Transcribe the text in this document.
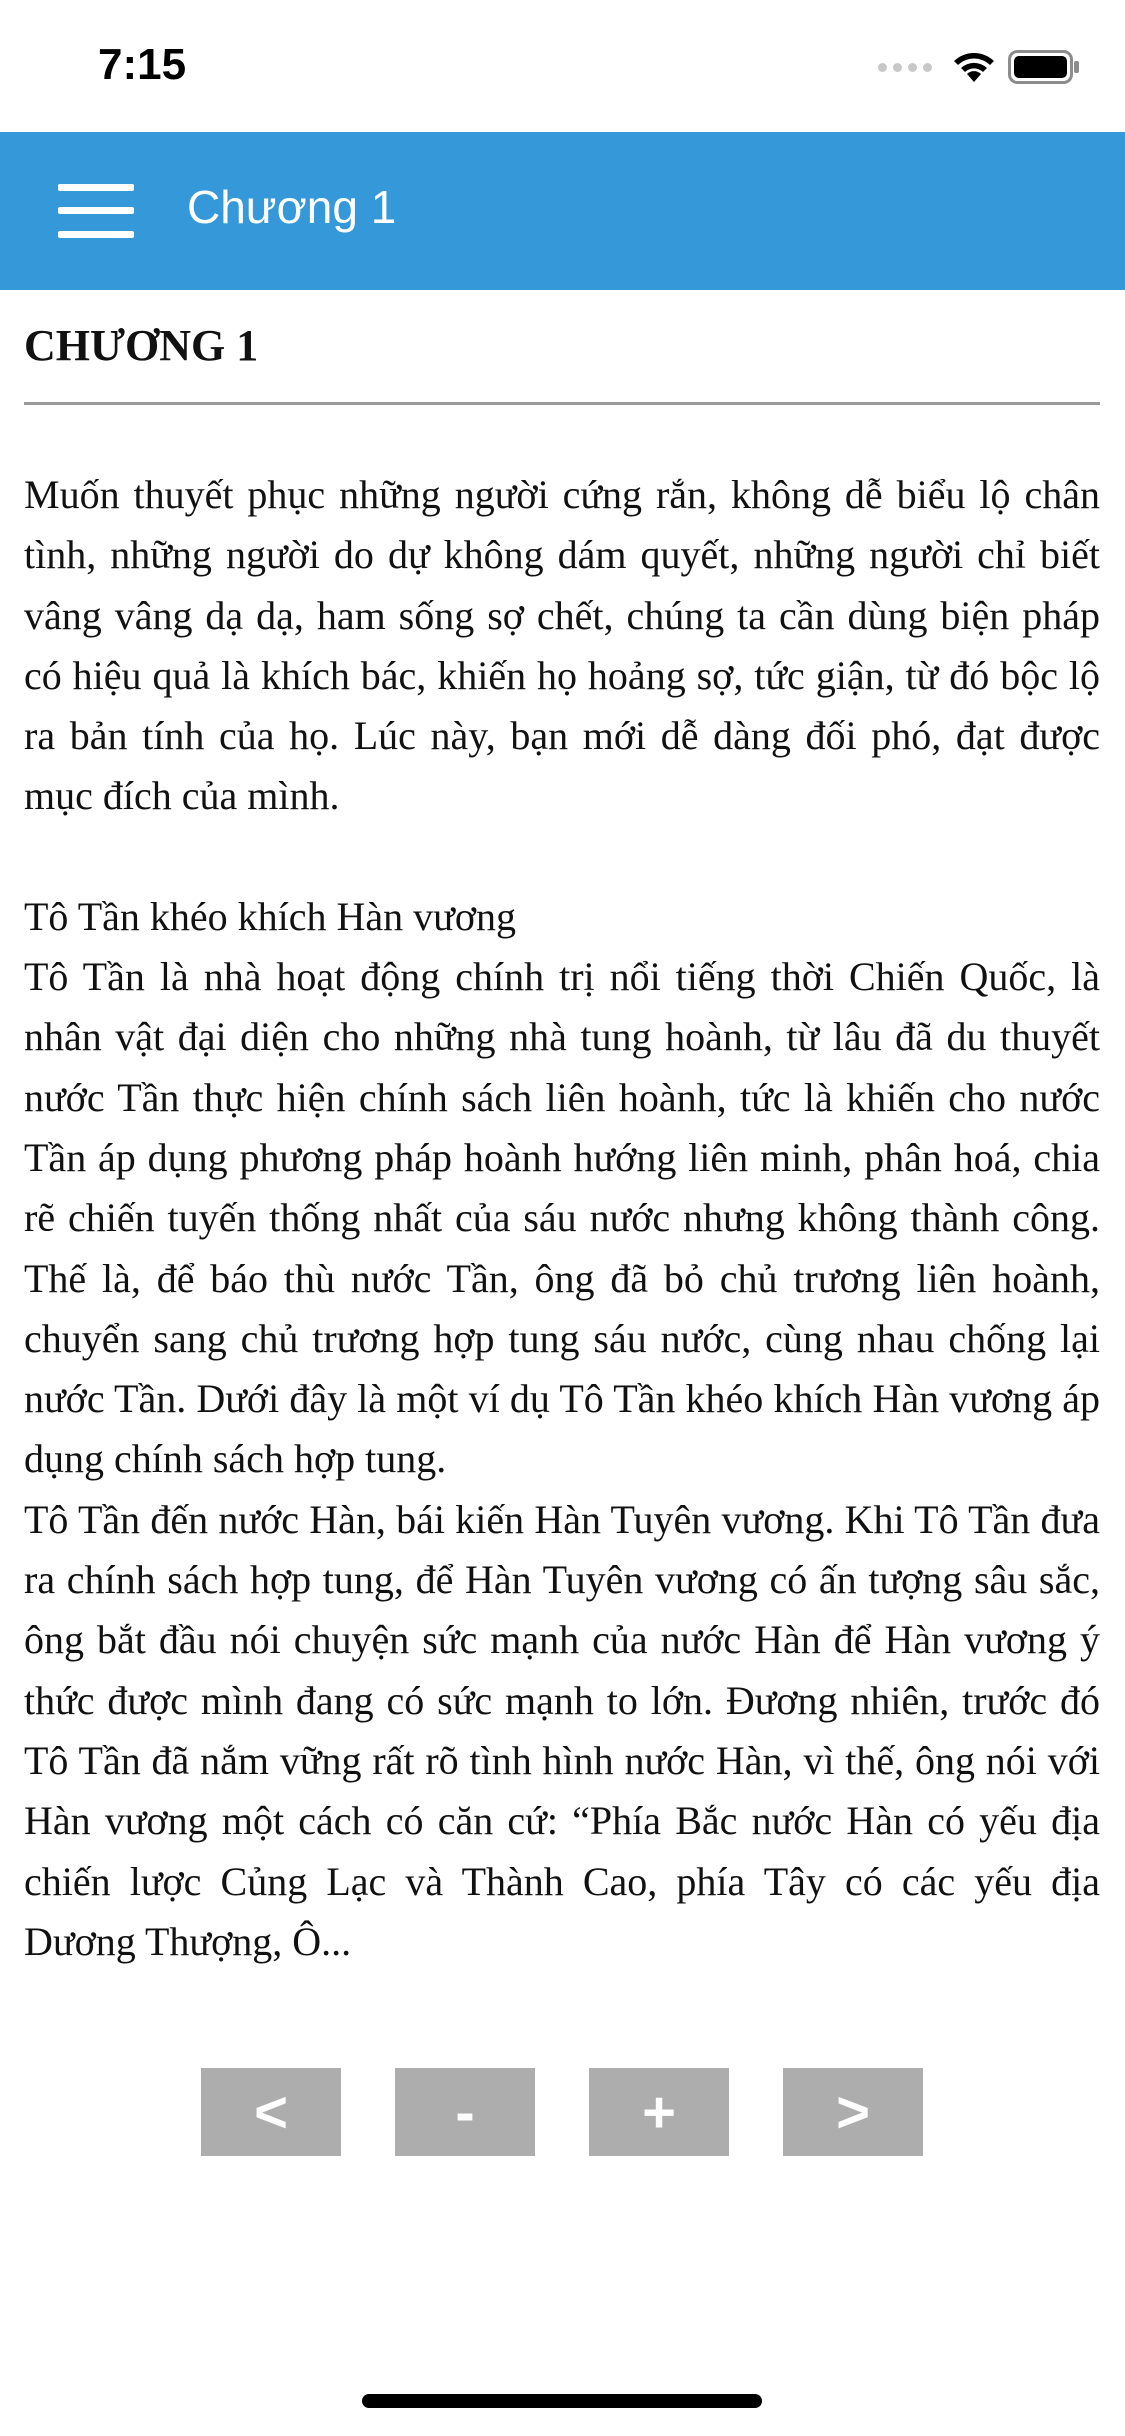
7:15
Chương 1
CHƯƠNG 1

Muốn thuyết phục những người cứng rắn, không dễ biểu lộ chân tình, những người do dự không dám quyết, những người chỉ biết vâng vâng dạ dạ, ham sống sợ chết, chúng ta cần dùng biện pháp có hiệu quả là khích bác, khiến họ hoảng sợ, tức giận, từ đó bộc lộ ra bản tính của họ. Lúc này, bạn mới dễ dàng đối phó, đạt được mục đích của mình.

Tô Tần khéo khích Hàn vương

Tô Tần là nhà hoạt động chính trị nổi tiếng thời Chiến Quốc, là nhân vật đại diện cho những nhà tung hoành, từ lâu đã du thuyết nước Tần thực hiện chính sách liên hoành, tức là khiến cho nước Tần áp dụng phương pháp hoành hướng liên minh, phân hoá, chia rẽ chiến tuyến thống nhất của sáu nước nhưng không thành công. Thế là, để báo thù nước Tần, ông đã bỏ chủ trương liên hoành, chuyển sang chủ trương hợp tung sáu nước, cùng nhau chống lại nước Tần. Dưới đây là một ví dụ Tô Tần khéo khích Hàn vương áp dụng chính sách hợp tung.

Tô Tần đến nước Hàn, bái kiến Hàn Tuyên vương. Khi Tô Tần đưa ra chính sách hợp tung, để Hàn Tuyên vương có ấn tượng sâu sắc, ông bắt đầu nói chuyện sức mạnh của nước Hàn để Hàn vương ý thức được mình đang có sức mạnh to lớn. Đương nhiên, trước đó Tô Tần đã nắm vững rất rõ tình hình nước Hàn, vì thế, ông nói với Hàn vương một cách có căn cứ: “Phía Bắc nước Hàn có yếu địa chiến lược Củng Lạc và Thành Cao, phía Tây có các yếu địa Dương Thượng, Ô...

<	-	+	>
